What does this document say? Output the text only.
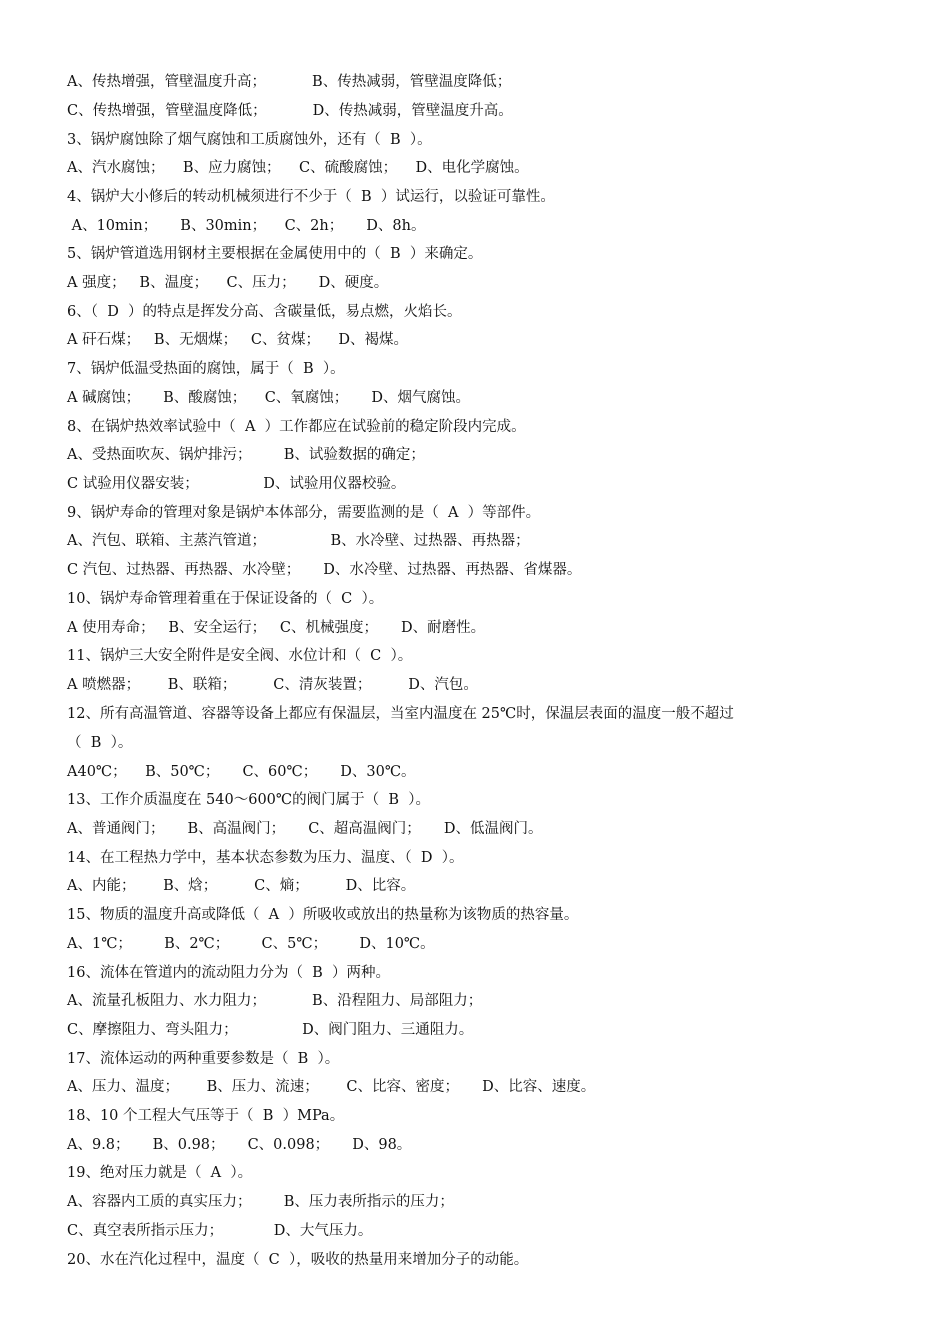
A、传热增强，管壁温度升高；          B、传热减弱，管壁温度降低；
C、传热增强，管壁温度降低；          D、传热减弱，管壁温度升高。
3、锅炉腐蚀除了烟气腐蚀和工质腐蚀外，还有（  B  ）。
A、汽水腐蚀；    B、应力腐蚀；    C、硫酸腐蚀；    D、电化学腐蚀。
4、锅炉大小修后的转动机械须进行不少于（  B  ）试运行，以验证可靠性。
A、10min；     B、30min；    C、2h；     D、8h。
5、锅炉管道选用钢材主要根据在金属使用中的（  B  ）来确定。
A 强度；   B、温度；    C、压力；     D、硬度。
6、（  D  ）的特点是挥发分高、含碳量低，易点燃，火焰长。
A 矸石煤；   B、无烟煤；   C、贫煤；    D、褐煤。
7、锅炉低温受热面的腐蚀，属于（  B  ）。
A 碱腐蚀；     B、酸腐蚀；    C、氧腐蚀；     D、烟气腐蚀。
8、在锅炉热效率试验中（  A  ）工作都应在试验前的稳定阶段内完成。
A、受热面吹灰、锅炉排污；       B、试验数据的确定；
C 试验用仪器安装；              D、试验用仪器校验。
9、锅炉寿命的管理对象是锅炉本体部分，需要监测的是（  A  ）等部件。
A、汽包、联箱、主蒸汽管道；              B、水冷壁、过热器、再热器；
C 汽包、过热器、再热器、水冷壁；     D、水冷壁、过热器、再热器、省煤器。
10、锅炉寿命管理着重在于保证设备的（  C  ）。
A 使用寿命；   B、安全运行；   C、机械强度；     D、耐磨性。
11、锅炉三大安全附件是安全阀、水位计和（  C  ）。
A 喷燃器；      B、联箱；        C、清灰装置；        D、汽包。
12、所有高温管道、容器等设备上都应有保温层，当室内温度在 25℃时，保温层表面的温度一般不超过
（  B  ）。
A40℃；    B、50℃；     C、60℃；     D、30℃。
13、工作介质温度在 540～600℃的阀门属于（  B  ）。
A、普通阀门；     B、高温阀门；     C、超高温阀门；     D、低温阀门。
14、在工程热力学中，基本状态参数为压力、温度、（  D  ）。
A、内能；      B、焓；        C、熵；        D、比容。
15、物质的温度升高或降低（  A  ）所吸收或放出的热量称为该物质的热容量。
A、1℃；       B、2℃；       C、5℃；       D、10℃。
16、流体在管道内的流动阻力分为（  B  ）两种。
A、流量孔板阻力、水力阻力；          B、沿程阻力、局部阻力；
C、摩擦阻力、弯头阻力；              D、阀门阻力、三通阻力。
17、流体运动的两种重要参数是（  B  ）。
A、压力、温度；      B、压力、流速；      C、比容、密度；     D、比容、速度。
18、10 个工程大气压等于（  B  ）MPa。
A、9.8；     B、0.98；     C、0.098；     D、98。
19、绝对压力就是（  A  ）。
A、容器内工质的真实压力；       B、压力表所指示的压力；
C、真空表所指示压力；           D、大气压力。
20、水在汽化过程中，温度（  C  ），吸收的热量用来增加分子的动能。
